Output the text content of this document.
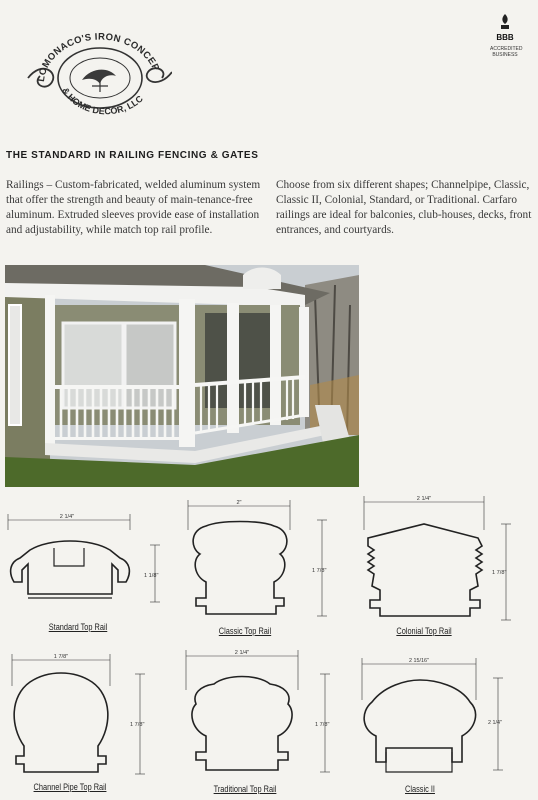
LOMONACO'S IRON CONCEP
& HOME DECOR, LLC
BBB
ACCREDITED
BUSINESS
THE STANDARD IN RAILING FENCING & GATES
Railings – Custom-fabricated, welded aluminum system that offer the strength and beauty of main-tenance-free aluminum. Extruded sleeves provide ease of installation and adjustability, while match top rail profile.
Choose from six different shapes; Channelpipe, Classic, Classic II, Colonial, Standard, or Traditional. Carfaro railings are ideal for balconies, club-houses, decks, front entrances, and courtyards.
2 1/4"
1 1/8"
2"
1 7/8"
2 1/4"
1 7/8"
1 7/8"
1 7/8"
2 1/4"
1 7/8"
2 15/16"
2 1/4"
Standard Top Rail	Classic Top Rail	Colonial Top Rail
Channel Pipe Top Rail	Traditional Top Rail	Classic II
